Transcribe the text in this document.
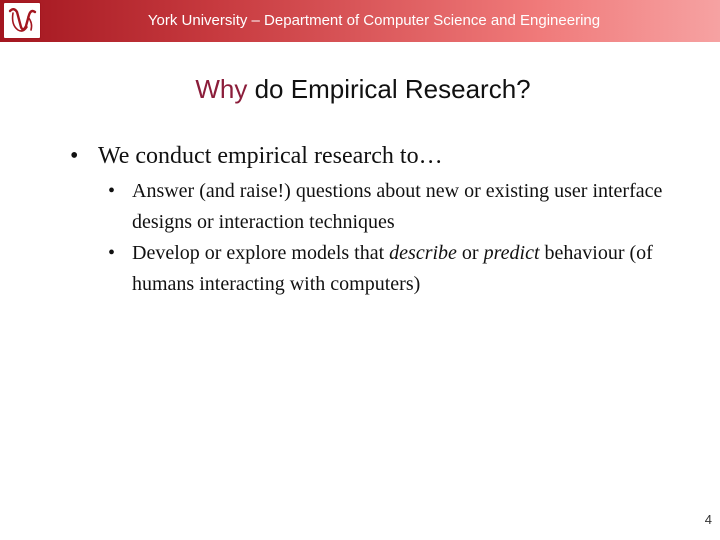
York University – Department of Computer Science and Engineering
Why do Empirical Research?
• We conduct empirical research to…
• Answer (and raise!) questions about new or existing user interface designs or interaction techniques
• Develop or explore models that describe or predict behaviour (of humans interacting with computers)
4
